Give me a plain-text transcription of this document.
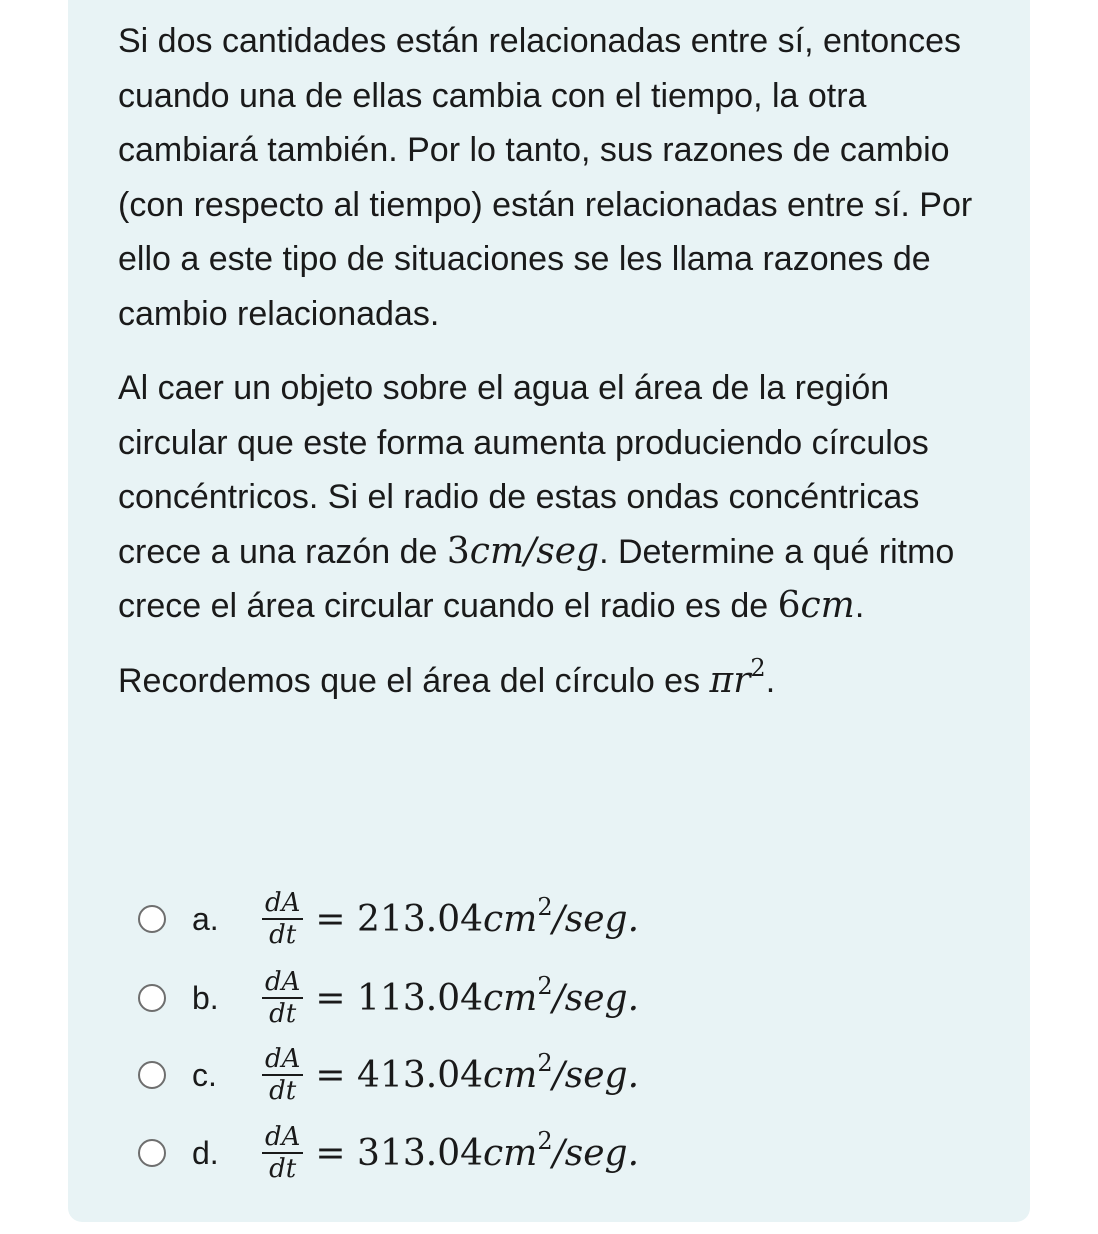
Si dos cantidades están relacionadas entre sí, entonces cuando una de ellas cambia con el tiempo, la otra cambiará también. Por lo tanto, sus razones de cambio (con respecto al tiempo) están relacionadas entre sí. Por ello a este tipo de situaciones se les llama razones de cambio relacionadas.

Al caer un objeto sobre el agua el área de la región circular que este forma aumenta produciendo círculos concéntricos. Si el radio de estas ondas concéntricas crece a una razón de 3cm/seg. Determine a qué ritmo crece el área circular cuando el radio es de 6cm.

Recordemos que el área del círculo es $\pi r^2$.

a.	$\frac{dA}{dt} = 213.04cm^2/seg$.
b.	$\frac{dA}{dt} = 113.04cm^2/seg$.
c.	$\frac{dA}{dt} = 413.04cm^2/seg$.
d.	$\frac{dA}{dt} = 313.04cm^2/seg$.
